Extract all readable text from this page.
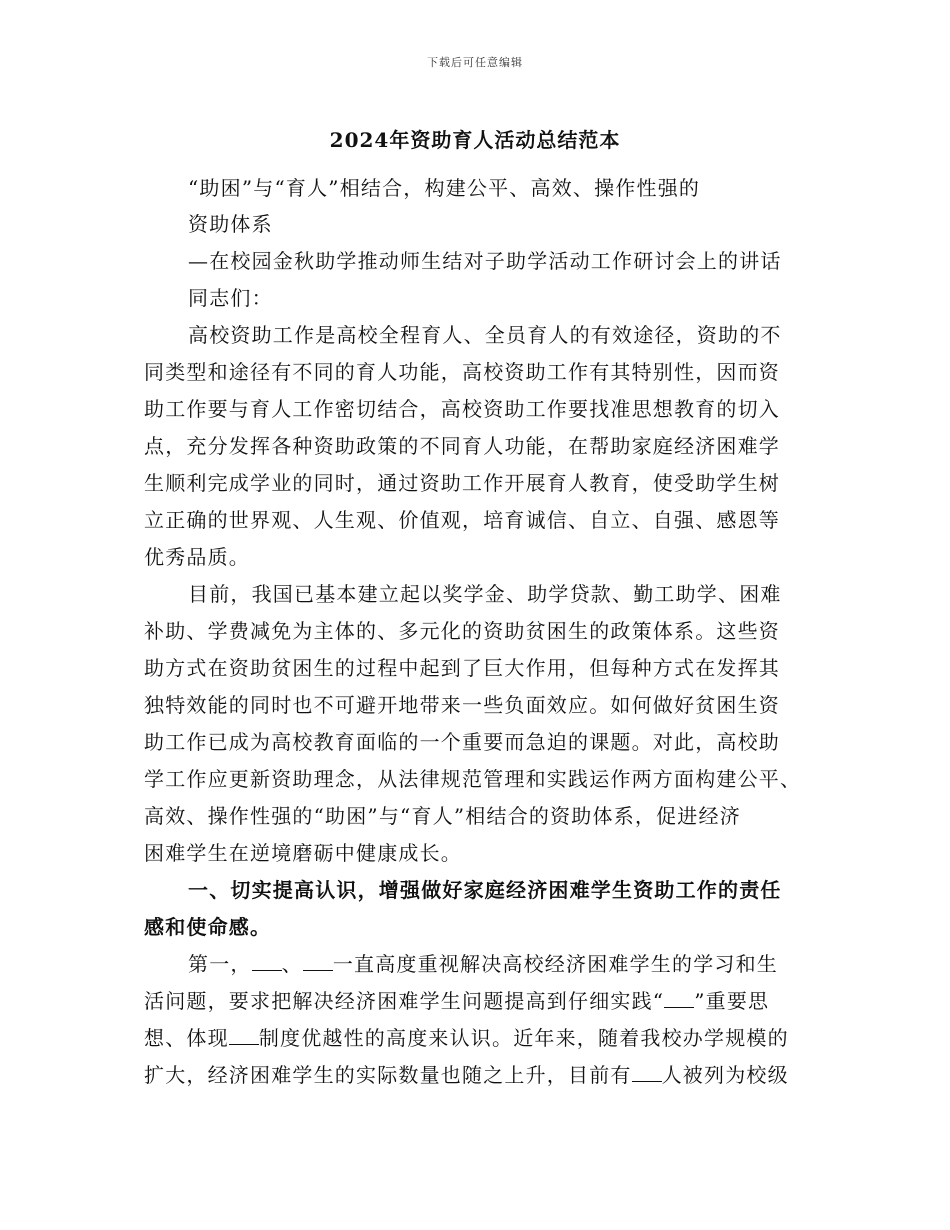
下载后可任意编辑
2024年资助育人活动总结范本
“助困”与“育人”相结合，构建公平、高效、操作性强的
资助体系
—在校园金秋助学推动师生结对子助学活动工作研讨会上的讲话
同志们：
高校资助工作是高校全程育人、全员育人的有效途径，资助的不
同类型和途径有不同的育人功能，高校资助工作有其特别性，因而资
助工作要与育人工作密切结合，高校资助工作要找准思想教育的切入
点，充分发挥各种资助政策的不同育人功能，在帮助家庭经济困难学
生顺利完成学业的同时，通过资助工作开展育人教育，使受助学生树
立正确的世界观、人生观、价值观，培育诚信、自立、自强、感恩等
优秀品质。
目前，我国已基本建立起以奖学金、助学贷款、勤工助学、困难
补助、学费减免为主体的、多元化的资助贫困生的政策体系。这些资
助方式在资助贫困生的过程中起到了巨大作用，但每种方式在发挥其
独特效能的同时也不可避开地带来一些负面效应。如何做好贫困生资
助工作已成为高校教育面临的一个重要而急迫的课题。对此，高校助
学工作应更新资助理念，从法律规范管理和实践运作两方面构建公平、
高效、操作性强的“助困”与“育人”相结合的资助体系，促进经济
困难学生在逆境磨砺中健康成长。
一、切实提高认识，增强做好家庭经济困难学生资助工作的责任
感和使命感。
第一， 、 一直高度重视解决高校经济困难学生的学习和生
活问题，要求把解决经济困难学生问题提高到仔细实践“ ”重要思
想、体现 制度优越性的高度来认识。近年来，随着我校办学规模的
扩大，经济困难学生的实际数量也随之上升，目前有 人被列为校级
